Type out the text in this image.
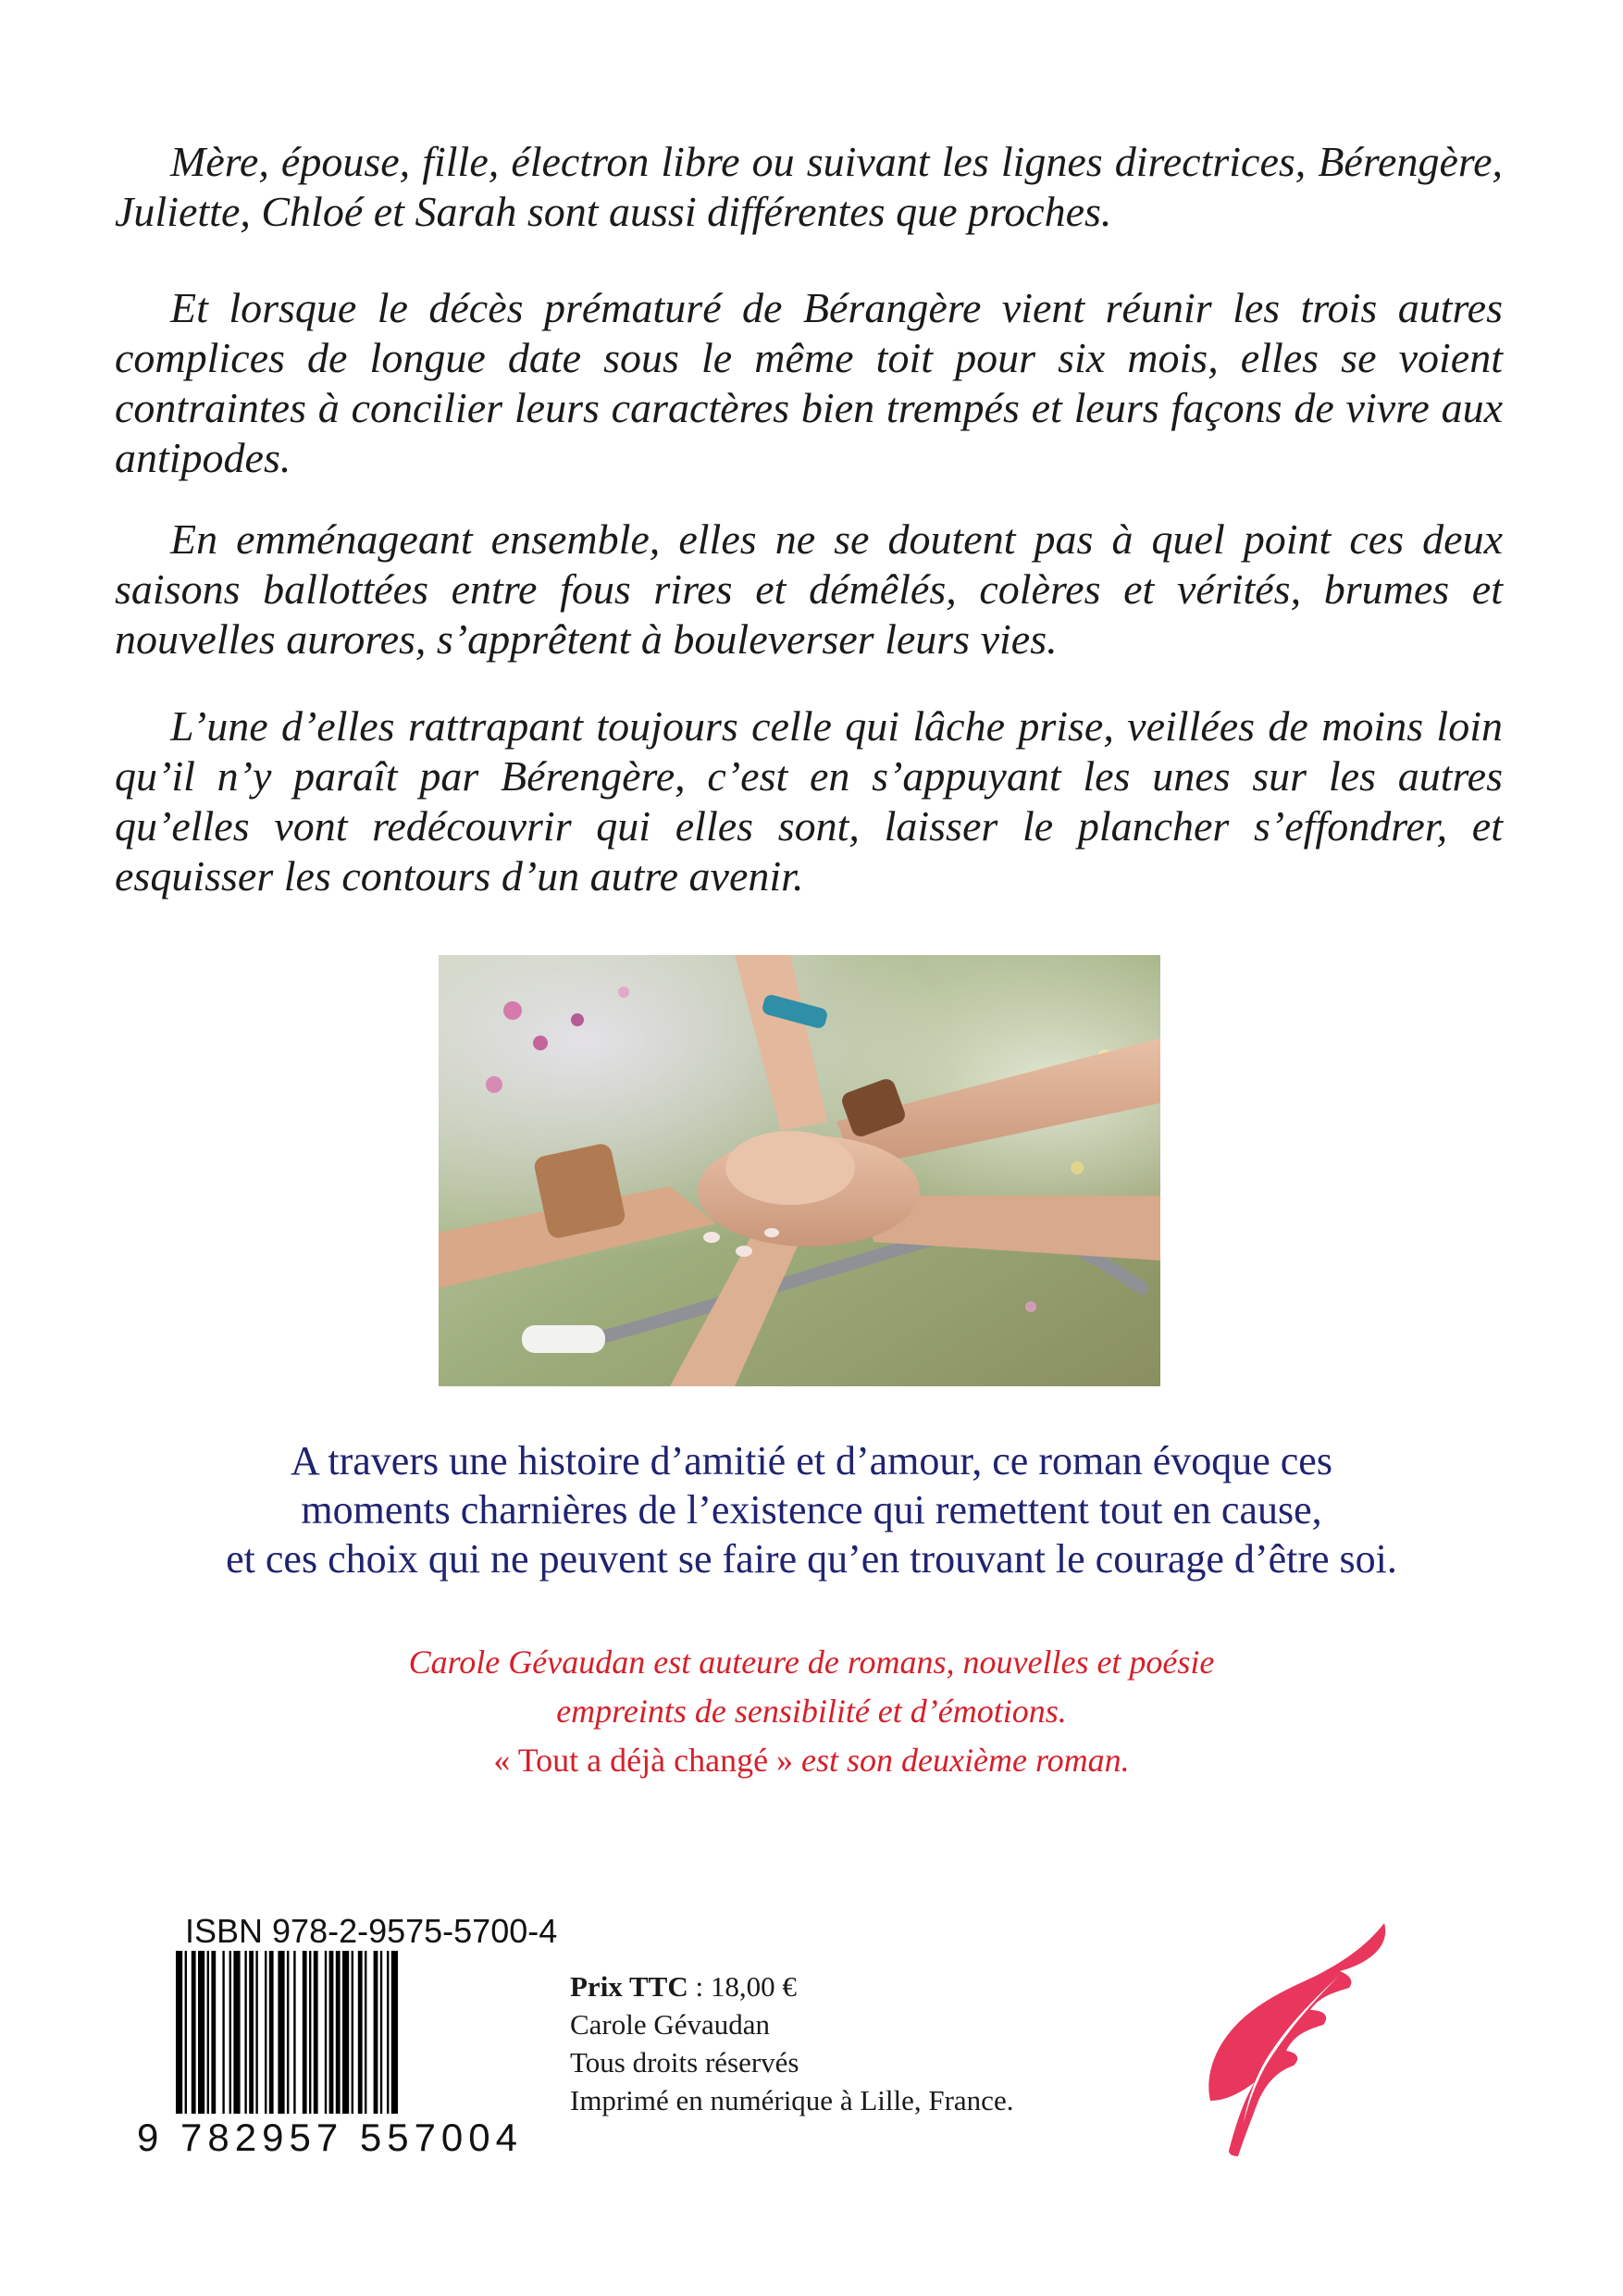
Mère, épouse, fille, électron libre ou suivant les lignes directrices, Bérengère, Juliette, Chloé et Sarah sont aussi différentes que proches.

Et lorsque le décès prématuré de Bérangère vient réunir les trois autres complices de longue date sous le même toit pour six mois, elles se voient contraintes à concilier leurs caractères bien trempés et leurs façons de vivre aux antipodes.

En emménageant ensemble, elles ne se doutent pas à quel point ces deux saisons ballottées entre fous rires et démêlés, colères et vérités, brumes et nouvelles aurores, s’apprêtent à bouleverser leurs vies.

L’une d’elles rattrapant toujours celle qui lâche prise, veillées de moins loin qu’il n’y paraît par Bérengère, c’est en s’appuyant les unes sur les autres qu’elles vont redécouvrir qui elles sont, laisser le plancher s’effondrer, et esquisser les contours d’un autre avenir.

A travers une histoire d’amitié et d’amour, ce roman évoque ces
moments charnières de l’existence qui remettent tout en cause,
et ces choix qui ne peuvent se faire qu’en trouvant le courage d’être soi.
Carole Gévaudan est auteure de romans, nouvelles et poésie
empreints de sensibilité et d’émotions.
« Tout a déjà changé » est son deuxième roman.
ISBN 978-2-9575-5700-4
9 782957 557004
Prix TTC : 18,00 €
Carole Gévaudan
Tous droits réservés
Imprimé en numérique à Lille, France.
